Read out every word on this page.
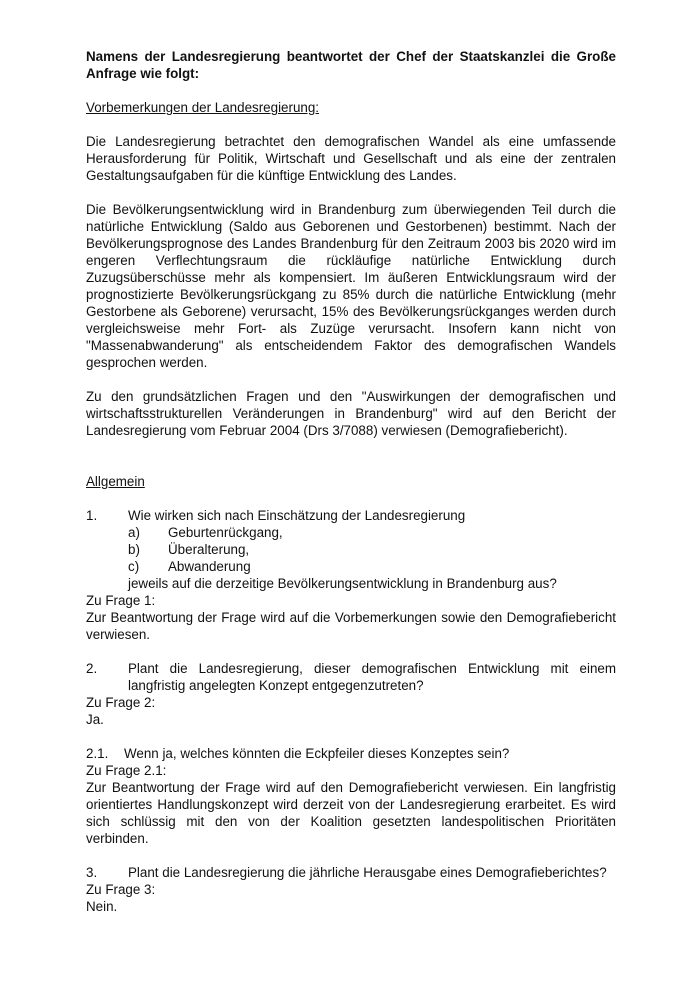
Namens der Landesregierung beantwortet der Chef der Staatskanzlei die Große Anfrage wie folgt:

Vorbemerkungen der Landesregierung:

Die Landesregierung betrachtet den demografischen Wandel als eine umfassende Herausforderung für Politik, Wirtschaft und Gesellschaft und als eine der zentralen Gestaltungsaufgaben für die künftige Entwicklung des Landes.

Die Bevölkerungsentwicklung wird in Brandenburg zum überwiegenden Teil durch die natürliche Entwicklung (Saldo aus Geborenen und Gestorbenen) bestimmt. Nach der Bevölkerungsprognose des Landes Brandenburg für den Zeitraum 2003 bis 2020 wird im engeren Verflechtungsraum die rückläufige natürliche Entwicklung durch Zuzugsüberschüsse mehr als kompensiert. Im äußeren Entwicklungsraum wird der prognostizierte Bevölkerungsrückgang zu 85% durch die natürliche Entwicklung (mehr Gestorbene als Geborene) verursacht, 15% des Bevölkerungsrückganges werden durch vergleichsweise mehr Fort- als Zuzüge verursacht. Insofern kann nicht von "Massenabwanderung" als entscheidendem Faktor des demografischen Wandels gesprochen werden.

Zu den grundsätzlichen Fragen und den "Auswirkungen der demografischen und wirtschaftsstrukturellen Veränderungen in Brandenburg" wird auf den Bericht der Landesregierung vom Februar 2004 (Drs 3/7088) verwiesen (Demografiebericht).

Allgemein

1. Wie wirken sich nach Einschätzung der Landesregierung
a) Geburtenrückgang,
b) Überalterung,
c) Abwanderung
jeweils auf die derzeitige Bevölkerungsentwicklung in Brandenburg aus?

Zu Frage 1:

Zur Beantwortung der Frage wird auf die Vorbemerkungen sowie den Demografiebericht verwiesen.

2. Plant die Landesregierung, dieser demografischen Entwicklung mit einem langfristig angelegten Konzept entgegenzutreten?

Zu Frage 2:

Ja.

2.1. Wenn ja, welches könnten die Eckpfeiler dieses Konzeptes sein?

Zu Frage 2.1:

Zur Beantwortung der Frage wird auf den Demografiebericht verwiesen. Ein langfristig orientiertes Handlungskonzept wird derzeit von der Landesregierung erarbeitet. Es wird sich schlüssig mit den von der Koalition gesetzten landespolitischen Prioritäten verbinden.

3. Plant die Landesregierung die jährliche Herausgabe eines Demografieberichtes?

Zu Frage 3:

Nein.
